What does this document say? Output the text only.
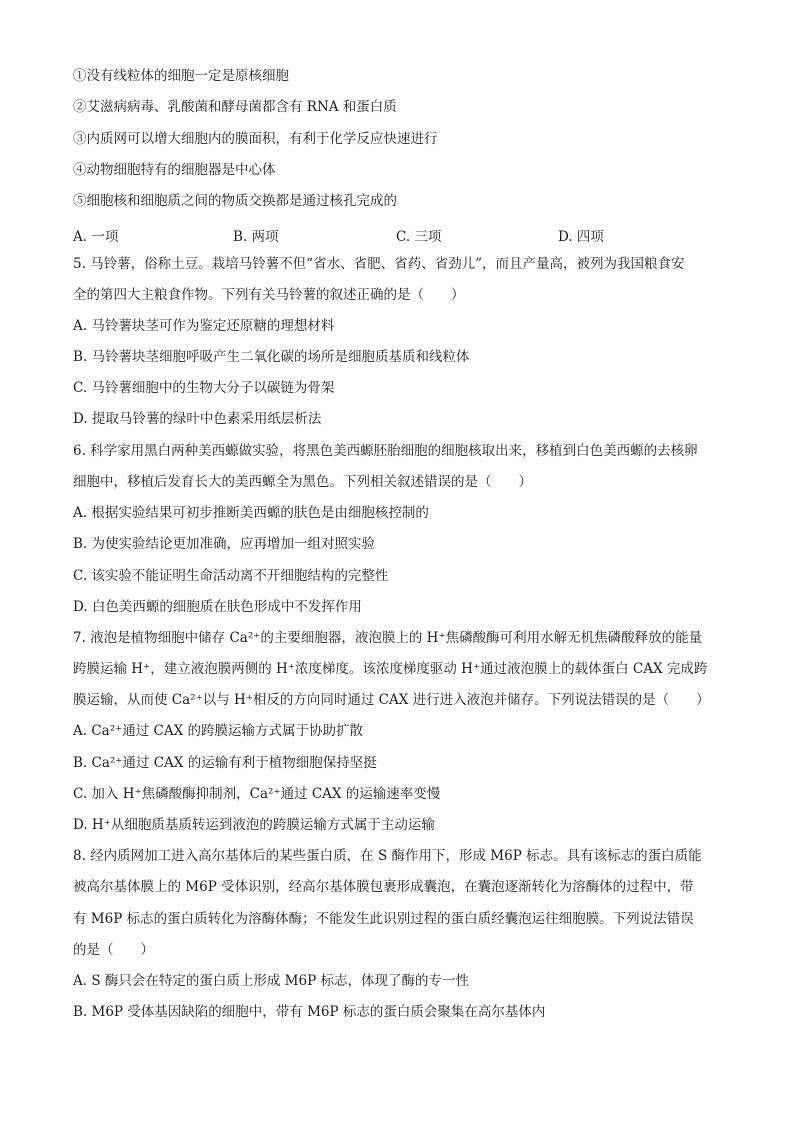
①没有线粒体的细胞一定是原核细胞
②艾滋病病毒、乳酸菌和酵母菌都含有 RNA 和蛋白质
③内质网可以增大细胞内的膜面积，有利于化学反应快速进行
④动物细胞特有的细胞器是中心体
⑤细胞核和细胞质之间的物质交换都是通过核孔完成的
A. 一项	B. 两项	C. 三项	D. 四项
5. 马铃薯，俗称土豆。栽培马铃薯不但“省水、省肥、省药、省劲儿”，而且产量高，被列为我国粮食安
全的第四大主粮食作物。下列有关马铃薯的叙述正确的是（　　）
A. 马铃薯块茎可作为鉴定还原糖的理想材料
B. 马铃薯块茎细胞呼吸产生二氧化碳的场所是细胞质基质和线粒体
C. 马铃薯细胞中的生物大分子以碳链为骨架
D. 提取马铃薯的绿叶中色素采用纸层析法
6. 科学家用黑白两种美西螈做实验，将黑色美西螈胚胎细胞的细胞核取出来，移植到白色美西螈的去核卵
细胞中，移植后发育长大的美西螈全为黑色。下列相关叙述错误的是（　　）
A. 根据实验结果可初步推断美西螈的肤色是由细胞核控制的
B. 为使实验结论更加准确，应再增加一组对照实验
C. 该实验不能证明生命活动离不开细胞结构的完整性
D. 白色美西螈的细胞质在肤色形成中不发挥作用
7. 液泡是植物细胞中储存 Ca²⁺的主要细胞器，液泡膜上的 H⁺焦磷酸酶可利用水解无机焦磷酸释放的能量
跨膜运输 H⁺，建立液泡膜两侧的 H⁺浓度梯度。该浓度梯度驱动 H⁺通过液泡膜上的载体蛋白 CAX 完成跨
膜运输，从而使 Ca²⁺以与 H⁺相反的方向同时通过 CAX 进行进入液泡并储存。下列说法错误的是（　　）
A. Ca²⁺通过 CAX 的跨膜运输方式属于协助扩散
B. Ca²⁺通过 CAX 的运输有利于植物细胞保持坚挺
C. 加入 H⁺焦磷酸酶抑制剂，Ca²⁺通过 CAX 的运输速率变慢
D. H⁺从细胞质基质转运到液泡的跨膜运输方式属于主动运输
8. 经内质网加工进入高尔基体后的某些蛋白质，在 S 酶作用下，形成 M6P 标志。具有该标志的蛋白质能
被高尔基体膜上的 M6P 受体识别，经高尔基体膜包裹形成囊泡，在囊泡逐渐转化为溶酶体的过程中，带
有 M6P 标志的蛋白质转化为溶酶体酶；不能发生此识别过程的蛋白质经囊泡运往细胞膜。下列说法错误
的是（　　）
A. S 酶只会在特定的蛋白质上形成 M6P 标志，体现了酶的专一性
B. M6P 受体基因缺陷的细胞中，带有 M6P 标志的蛋白质会聚集在高尔基体内
